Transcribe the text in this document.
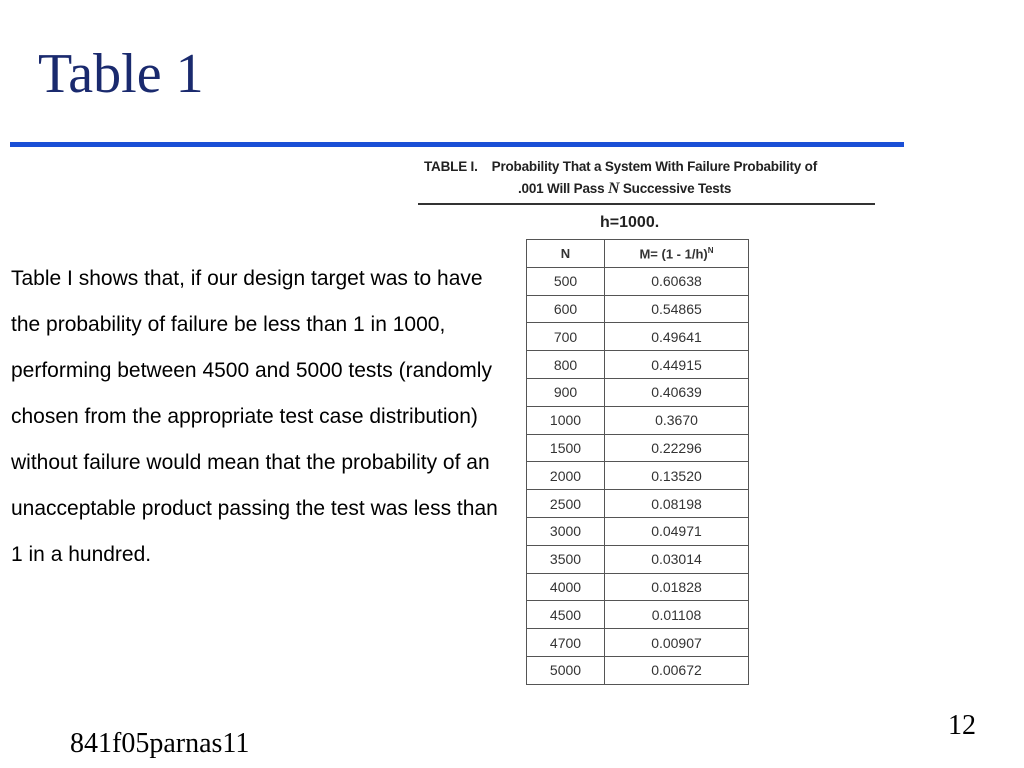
Table 1
Table I shows that, if our design target was to have the probability of failure be less than 1 in 1000, performing between 4500 and 5000 tests (randomly chosen from the appropriate test case distribution) without failure would mean that the probability of an unacceptable product passing the test was less than 1 in a hundred.
TABLE I. Probability That a System With Failure Probability of
.001 Will Pass N Successive Tests
h=1000.
N	M= (1 - 1/h)$^N$
500	0.60638
600	0.54865
700	0.49641
800	0.44915
900	0.40639
1000	0.3670
1500	0.22296
2000	0.13520
2500	0.08198
3000	0.04971
3500	0.03014
4000	0.01828
4500	0.01108
4700	0.00907
5000	0.00672
841f05parnas11
12
